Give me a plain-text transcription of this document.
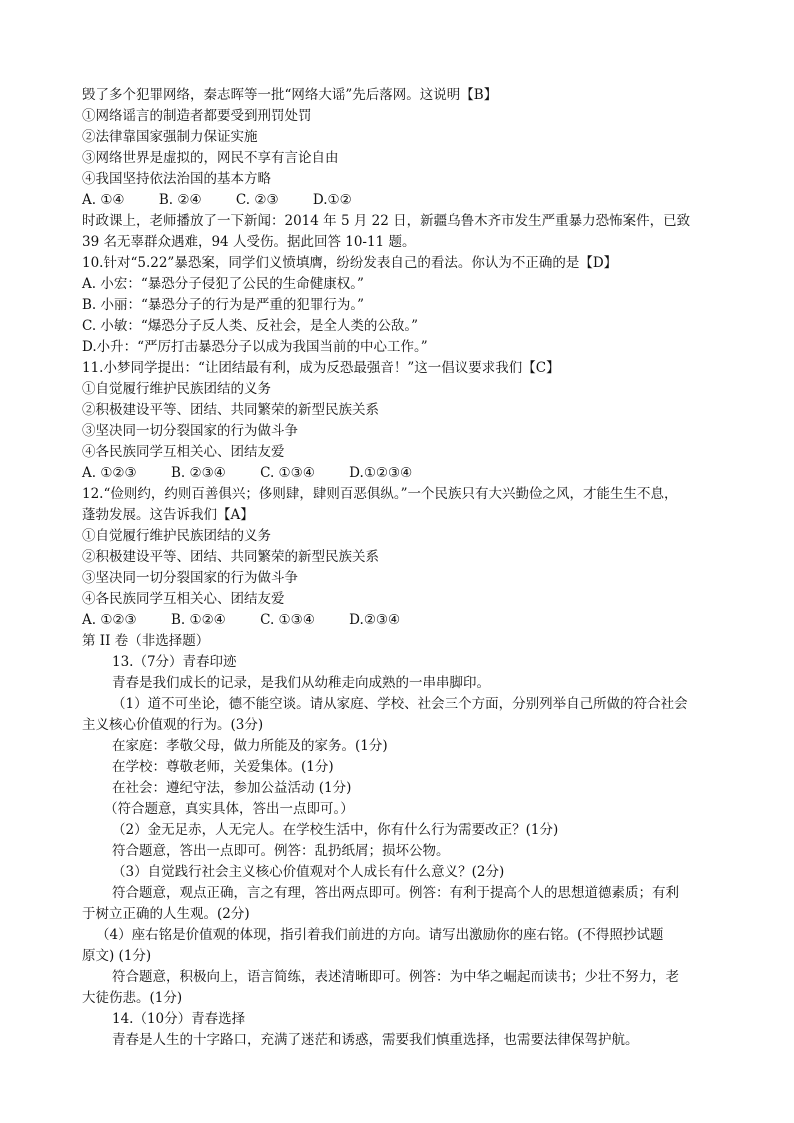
毁了多个犯罪网络，秦志晖等一批“网络大谣”先后落网。这说明【B】
①网络谣言的制造者都要受到刑罚处罚
②法律靠国家强制力保证实施
③网络世界是虚拟的，网民不享有言论自由
④我国坚持依法治国的基本方略
A. ①④        B. ②④        C. ②③        D.①②
时政课上，老师播放了一下新闻：2014 年 5 月 22 日，新疆乌鲁木齐市发生严重暴力恐怖案件，已致
39 名无辜群众遇难，94 人受伤。据此回答 10-11 题。
10.针对“5.22”暴恐案，同学们义愤填膺，纷纷发表自己的看法。你认为不正确的是【D】
A. 小宏：“暴恐分子侵犯了公民的生命健康权。”
B. 小丽：“暴恐分子的行为是严重的犯罪行为。”
C. 小敏：“爆恐分子反人类、反社会，是全人类的公敌。”
D.小升：“严厉打击暴恐分子以成为我国当前的中心工作。”
11.小梦同学提出：“让团结最有利，成为反恐最强音！”这一倡议要求我们【C】
①自觉履行维护民族团结的义务
②积极建设平等、团结、共同繁荣的新型民族关系
③坚决同一切分裂国家的行为做斗争
④各民族同学互相关心、团结友爱
A. ①②③        B. ②③④        C. ①③④        D.①②③④
12.“俭则约，约则百善俱兴；侈则肆，肆则百恶俱纵。”一个民族只有大兴勤俭之风，才能生生不息，
蓬勃发展。这告诉我们【A】
①自觉履行维护民族团结的义务
②积极建设平等、团结、共同繁荣的新型民族关系
③坚决同一切分裂国家的行为做斗争
④各民族同学互相关心、团结友爱
A. ①②③        B. ①②④        C. ①③④        D.②③④
第 II 卷（非选择题）
13.（7分）青春印迹
青春是我们成长的记录，是我们从幼稚走向成熟的一串串脚印。
（1）道不可坐论，德不能空谈。请从家庭、学校、社会三个方面，分别列举自己所做的符合社会
主义核心价值观的行为。(3分)
在家庭：孝敬父母，做力所能及的家务。(1分)
在学校：尊敬老师，关爱集体。(1分)
在社会：遵纪守法，参加公益活动 (1分)
（符合题意，真实具体，答出一点即可。）
（2）金无足赤，人无完人。在学校生活中，你有什么行为需要改正？(1分)
符合题意，答出一点即可。例答：乱扔纸屑；损坏公物。
（3）自觉践行社会主义核心价值观对个人成长有什么意义？(2分)
符合题意，观点正确，言之有理，答出两点即可。例答：有利于提高个人的思想道德素质；有利
于树立正确的人生观。(2分)
（4）座右铭是价值观的体现，指引着我们前进的方向。请写出激励你的座右铭。(不得照抄试题
原文) (1分)
符合题意，积极向上，语言简练，表述清晰即可。例答：为中华之崛起而读书；少壮不努力，老
大徒伤悲。(1分)
14.（10分）青春选择
青春是人生的十字路口，充满了迷茫和诱惑，需要我们慎重选择，也需要法律保驾护航。
